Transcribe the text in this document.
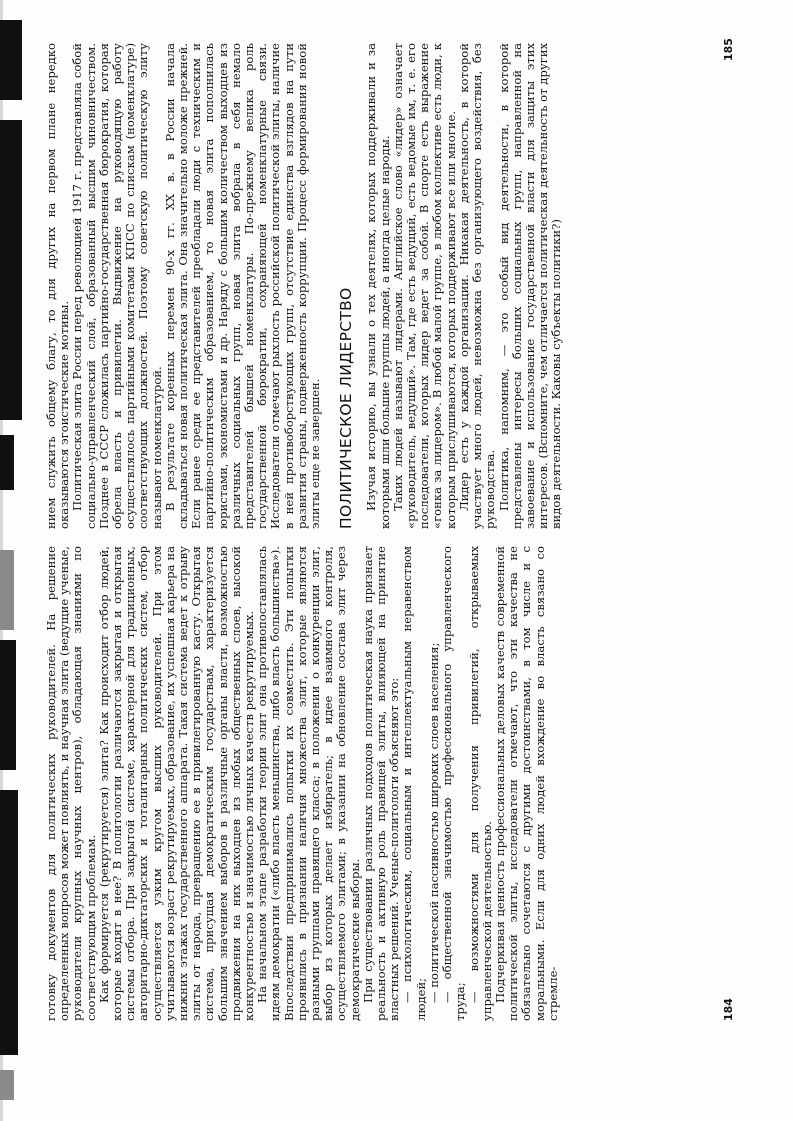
готовку документов для политических руководителей. На решение определенных вопросов может повлиять, и научная элита (ведущие ученые, руководители крупных научных центров), обладающая знаниями по соответствующим проблемам. Как формируется (рекрутируется) элита? Как происходит отбор людей, которые входят в нее? В политологии различаются закрытая и открытая системы отбора. При закрытой системе, характерной для традиционных, авторитарно-диктаторских и тоталитарных политических систем, отбор осуществляется узким кругом высших руководителей. При этом учитываются возраст рекрутируемых, образование, их успешная карьера на нижних этажах государственного аппарата. Такая система ведет к отрыву элиты от народа, превращению ее в привилегированную касту. Открытая система, присущая демократическим государствам, характеризуется большим значением выборов в различные органы власти, возможностью продвижения на них выходцев из любых общественных слоев, высокой конкурентностью и значимостью личных качеств рекрутируемых. На начальном этапе разработки теории элит она противопоставлялась идеям демократии («либо власть меньшинства, либо власть большинства»). Впоследствии предпринимались попытки их совместить. Эти попытки проявились в признании наличия множества элит, которые являются разными группами правящего класса; в положении о конкуренции элит, выбор из которых делает избиратель; в идее взаимного контроля, осуществляемого элитами; в указании на обновление состава элит через демократические выборы. При существовании различных подходов политическая наука признает реальность и активную роль правящей элиты, влияющей на принятие властных решений. Ученые-политологи объясняют это: — психологическим, социальным и интеллектуальным неравенством людей; — политической пассивностью широких слоев населения; — общественной значимостью профессионального управленческого труда; — возможностями для получения привилегий, открываемых управленческой деятельностью. Подчеркивая ценность профессиональных деловых качеств современной политической элиты, исследователи отмечают, что эти качества не обязательно сочетаются с другими достоинствами, в том числе и с моральными. Если для одних людей вхождение во власть связано со стремле-	184

нием служить общему благу, то для других на первом плане нередко оказываются эгоистические мотивы. Политическая элита России перед революцией 1917 г. представляла собой социально-управленческий слой, образованный высшим чиновничеством. Позднее в СССР сложилась партийно-государственная бюрократия, которая обрела власть и привилегии. Выдвижение на руководящую работу осуществлялось партийными комитетами КПСС по спискам (номенклатуре) соответствующих должностей. Поэтому советскую политическую элиту называют номенклатурой. В результате коренных перемен 90-х гг. XX в. в России начала складываться новая политическая элита. Она значительно моложе прежней. Если ранее среди ее представителей преобладали люди с техническим и партийно-политическим образованием, то новая элита пополнилась юристами, экономистами и др. Наряду с большим количеством выходцев из различных социальных групп, новая элита вобрала в себя немало представителей бывшей номенклатуры. По-прежнему велика роль государственной бюрократии, сохраняющей номенклатурные связи. Исследователи отмечают рыхлость российской политической элиты, наличие в ней противоборствующих групп, отсутствие единства взглядов на пути развития страны, подверженность коррупции. Процесс формирования новой элиты еще не завершен. ПОЛИТИЧЕСКОЕ ЛИДЕРСТВО Изучая историю, вы узнали о тех деятелях, которых поддерживали и за которыми шли большие группы людей, а иногда целые народы. Таких людей называют лидерами. Английское слово «лидер» означает «руководитель, ведущий». Там, где есть ведущий, есть ведомые им, т. е. его последователи, которых лидер ведет за собой. В спорте есть выражение «гонка за лидером». В любой малой группе, в любом коллективе есть люди, к которым прислушиваются, которых поддерживают все или многие. Лидер есть у каждой организации. Никакая деятельность, в которой участвует много людей, невозможна без организующего воздействия, без руководства. Политика, напомним, — это особый вид деятельности, в которой представлены интересы больших социальных групп, направленной на завоевание и использование государственной власти для защиты этих интересов. (Вспомните, чем отличается политическая деятельность от других видов деятельности. Каковы субъекты политики?)

185
